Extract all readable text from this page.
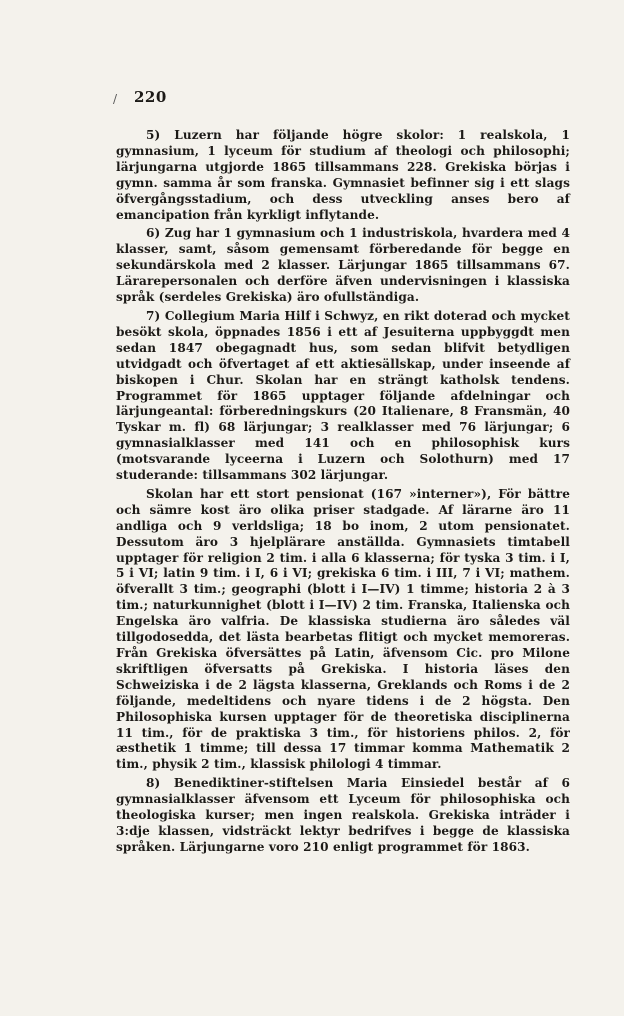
/ 220

5) Luzern har följande högre skolor: 1 realskola, 1 gymnasium, 1 lyceum för studium af theologi och philosophi; lärjungarna utgjorde 1865 tillsammans 228. Grekiska börjas i gymn. samma år som franska. Gymnasiet befinner sig i ett slags öfvergångsstadium, och dess utveckling anses bero af emancipation från kyrkligt inflytande.

6) Zug har 1 gymnasium och 1 industriskola, hvardera med 4 klasser, samt, såsom gemensamt förberedande för begge en sekundärskola med 2 klasser. Lärjungar 1865 tillsammans 67. Lärarepersonalen och derföre äfven undervisningen i klassiska språk (serdeles Grekiska) äro ofullständiga.

7) Collegium Maria Hilf i Schwyz, en rikt doterad och mycket besökt skola, öppnades 1856 i ett af Jesuiterna uppbyggdt men sedan 1847 obegagnadt hus, som sedan blifvit betydligen utvidgadt och öfvertaget af ett aktiesällskap, under inseende af biskopen i Chur. Skolan har en strängt katholsk tendens. Programmet för 1865 upptager följande afdelningar och lärjungeantal: förberedningskurs (20 Italienare, 8 Fransmän, 40 Tyskar m. fl) 68 lärjungar; 3 realklasser med 76 lärjungar; 6 gymnasialklasser med 141 och en philosophisk kurs (motsvarande lyceerna i Luzern och Solothurn) med 17 studerande: tillsammans 302 lärjungar.

Skolan har ett stort pensionat (167 »interner»), För bättre och sämre kost äro olika priser stadgade. Af lärarne äro 11 andliga och 9 verldsliga; 18 bo inom, 2 utom pensionatet. Dessutom äro 3 hjelplärare anställda. Gymnasiets timtabell upptager för religion 2 tim. i alla 6 klasserna; för tyska 3 tim. i I, 5 i VI; latin 9 tim. i I, 6 i VI; grekiska 6 tim. i III, 7 i VI; mathem. öfverallt 3 tim.; geographi (blott i I—IV) 1 timme; historia 2 à 3 tim.; naturkunnighet (blott i I—IV) 2 tim. Franska, Italienska och Engelska äro valfria. De klassiska studierna äro således väl tillgodosedda, det lästa bearbetas flitigt och mycket memoreras. Från Grekiska öfversättes på Latin, äfvensom Cic. pro Milone skriftligen öfversatts på Grekiska. I historia läses den Schweiziska i de 2 lägsta klasserna, Greklands och Roms i de 2 följande, medeltidens och nyare tidens i de 2 högsta. Den Philosophiska kursen upptager för de theoretiska disciplinerna 11 tim., för de praktiska 3 tim., för historiens philos. 2, för æsthetik 1 timme; till dessa 17 timmar komma Mathematik 2 tim., physik 2 tim., klassisk philologi 4 timmar.

8) Benediktiner-stiftelsen Maria Einsiedel består af 6 gymnasialklasser äfvensom ett Lyceum för philosophiska och theologiska kurser; men ingen realskola. Grekiska inträder i 3:dje klassen, vidsträckt lektyr bedrifves i begge de klassiska språken. Lärjungarne voro 210 enligt programmet för 1863.
